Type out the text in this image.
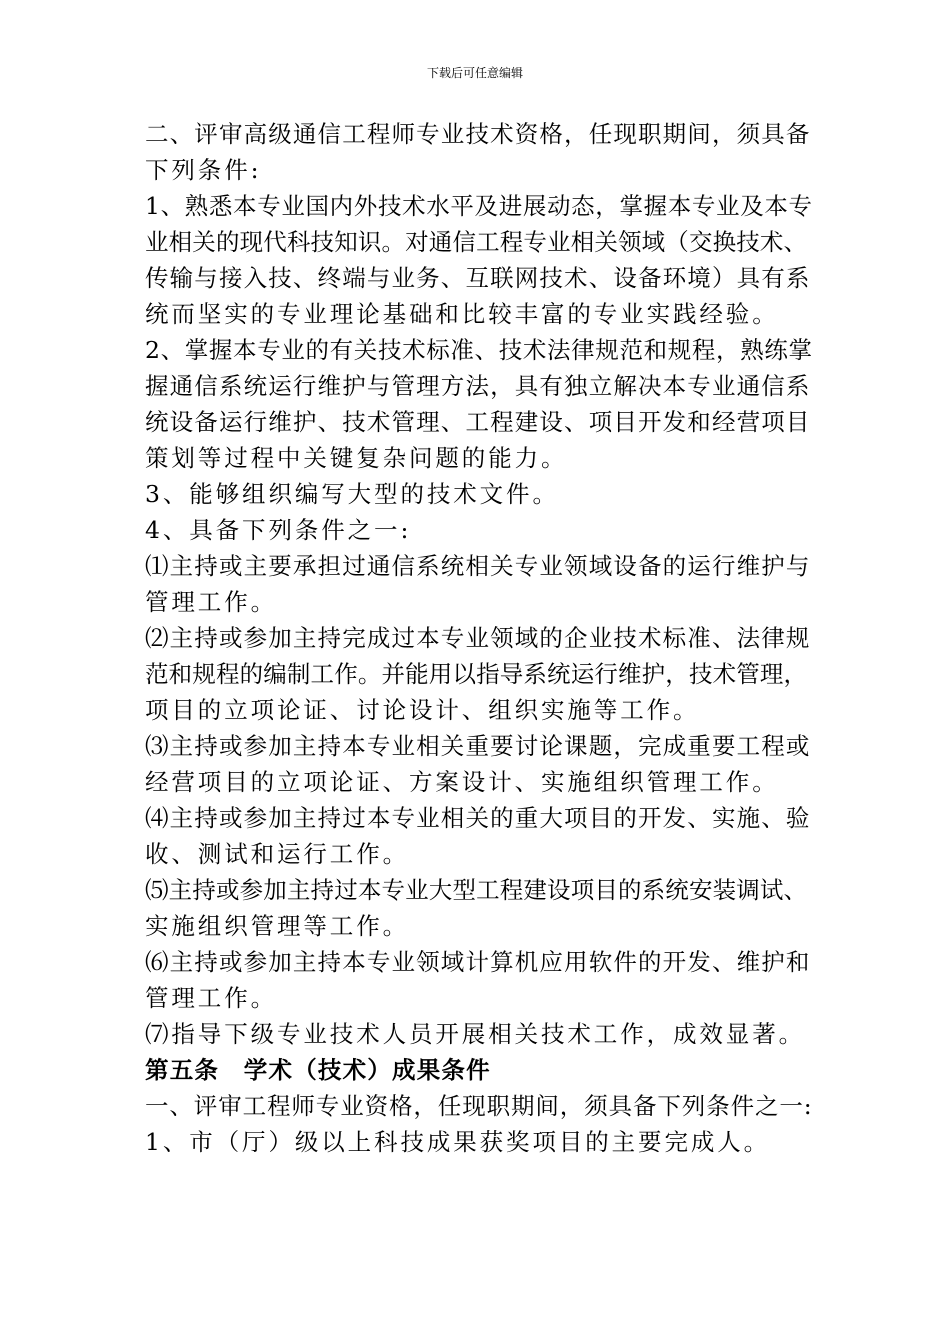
下载后可任意编辑
二、评审高级通信工程师专业技术资格，任现职期间，须具备
下列条件:
1、熟悉本专业国内外技术水平及进展动态，掌握本专业及本专
业相关的现代科技知识。对通信工程专业相关领域（交换技术、
传输与接入技、终端与业务、互联网技术、设备环境）具有系
统而坚实的专业理论基础和比较丰富的专业实践经验。
2、掌握本专业的有关技术标准、技术法律规范和规程，熟练掌
握通信系统运行维护与管理方法，具有独立解决本专业通信系
统设备运行维护、技术管理、工程建设、项目开发和经营项目
策划等过程中关键复杂问题的能力。
3、能够组织编写大型的技术文件。
4、具备下列条件之一:
⑴主持或主要承担过通信系统相关专业领域设备的运行维护与
管理工作。
⑵主持或参加主持完成过本专业领域的企业技术标准、法律规
范和规程的编制工作。并能用以指导系统运行维护，技术管理，
项目的立项论证、讨论设计、组织实施等工作。
⑶主持或参加主持本专业相关重要讨论课题，完成重要工程或
经营项目的立项论证、方案设计、实施组织管理工作。
⑷主持或参加主持过本专业相关的重大项目的开发、实施、验
收、测试和运行工作。
⑸主持或参加主持过本专业大型工程建设项目的系统安装调试、
实施组织管理等工作。
⑹主持或参加主持本专业领域计算机应用软件的开发、维护和
管理工作。
⑺指导下级专业技术人员开展相关技术工作，成效显著。
第五条　学术（技术）成果条件
一、评审工程师专业资格，任现职期间，须具备下列条件之一:
1、市（厅）级以上科技成果获奖项目的主要完成人。
